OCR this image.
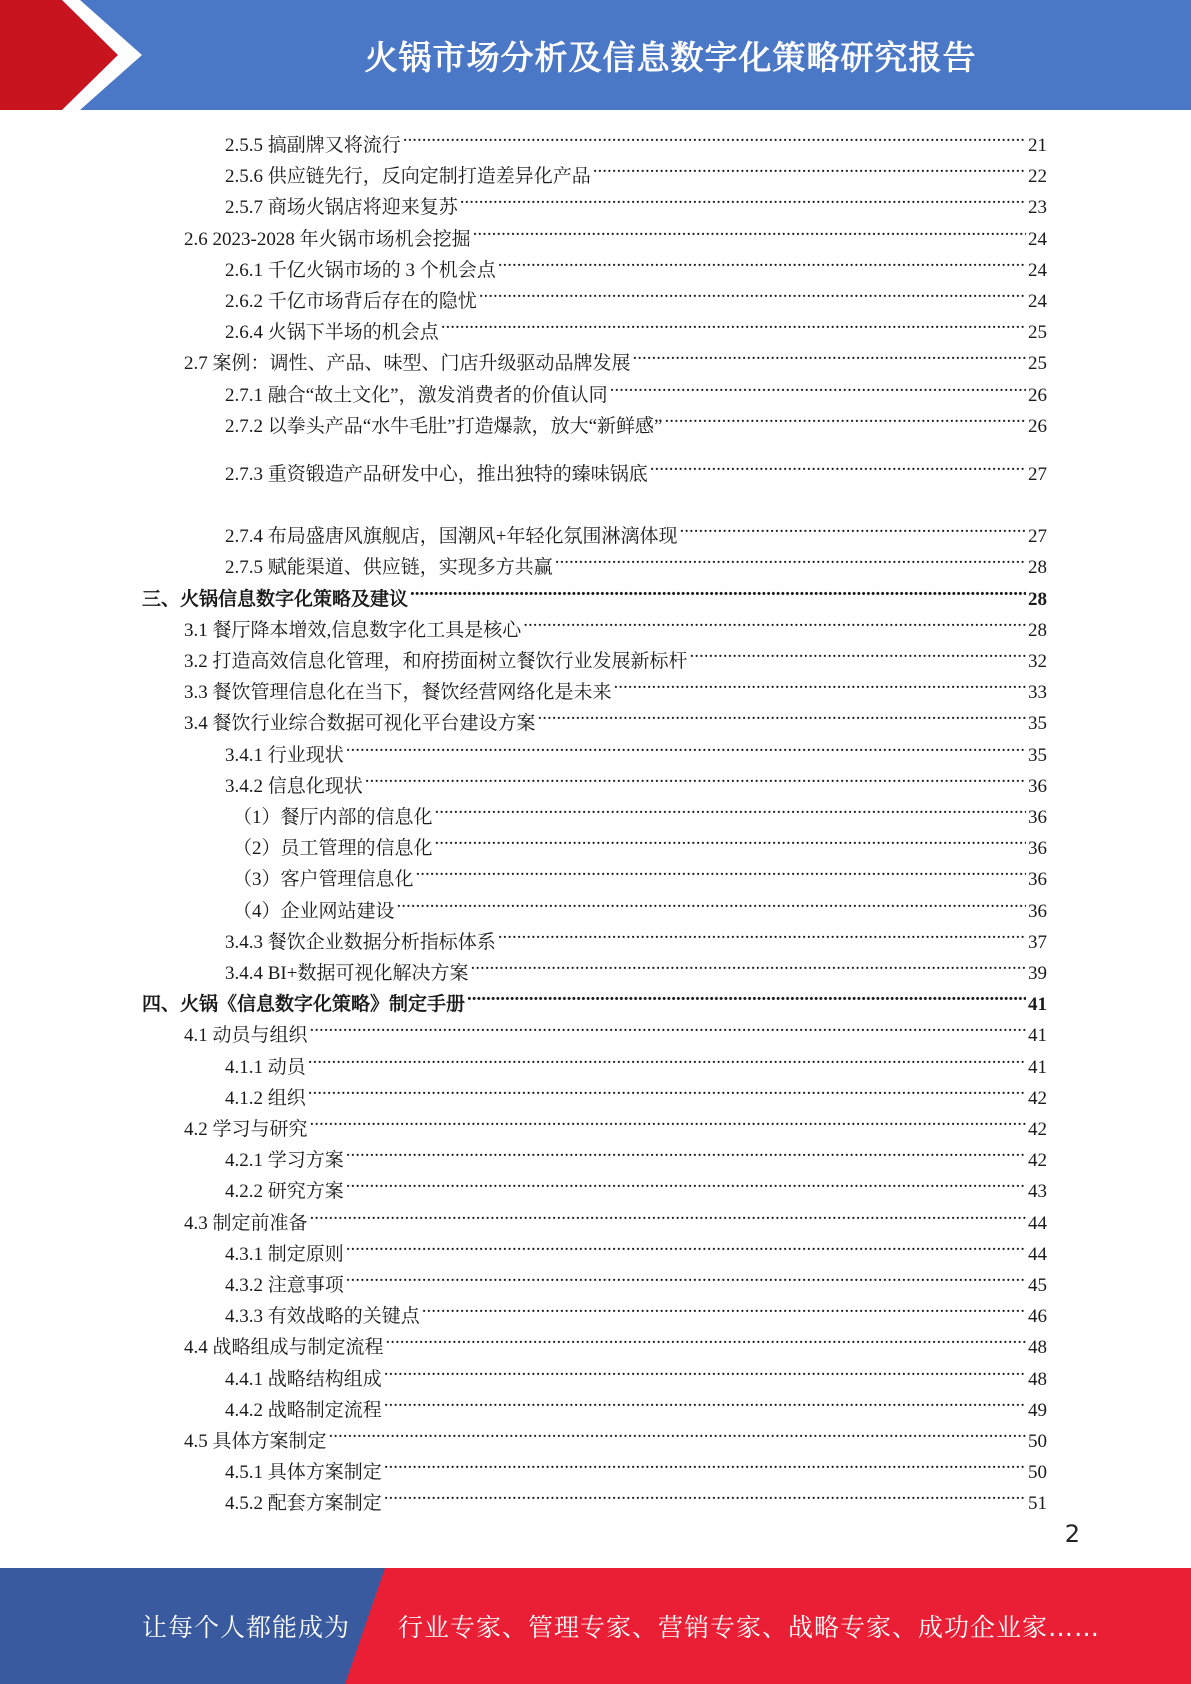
火锅市场分析及信息数字化策略研究报告
2.5.5 搞副牌又将流行 .....	21
2.5.6 供应链先行，反向定制打造差异化产品 .....	22
2.5.7 商场火锅店将迎来复苏 .....	23
2.6 2023-2028 年火锅市场机会挖掘 .....	24
2.6.1 千亿火锅市场的 3 个机会点 .....	24
2.6.2 千亿市场背后存在的隐忧 .....	24
2.6.4 火锅下半场的机会点 .....	25
2.7 案例：调性、产品、味型、门店升级驱动品牌发展 .....	25
2.7.1 融合“故土文化”，激发消费者的价值认同 .....	26
2.7.2 以拳头产品“水牛毛肚”打造爆款，放大“新鲜感” .....	26
2.7.3 重资锻造产品研发中心，推出独特的臻味锅底 .....	27
2.7.4 布局盛唐风旗舰店，国潮风+年轻化氛围淋漓体现 .....	27
2.7.5 赋能渠道、供应链，实现多方共赢 .....	28
三、火锅信息数字化策略及建议 .....	28
3.1 餐厅降本增效,信息数字化工具是核心 .....	28
3.2 打造高效信息化管理，和府捞面树立餐饮行业发展新标杆 .....	32
3.3 餐饮管理信息化在当下，餐饮经营网络化是未来 .....	33
3.4 餐饮行业综合数据可视化平台建设方案 .....	35
3.4.1 行业现状 .....	35
3.4.2 信息化现状 .....	36
（1）餐厅内部的信息化 .....	36
（2）员工管理的信息化 .....	36
（3）客户管理信息化 .....	36
（4）企业网站建设 .....	36
3.4.3 餐饮企业数据分析指标体系 .....	37
3.4.4 BI+数据可视化解决方案 .....	39
四、火锅《信息数字化策略》制定手册 .....	41
4.1 动员与组织 .....	41
4.1.1 动员 .....	41
4.1.2 组织 .....	42
4.2 学习与研究 .....	42
4.2.1 学习方案 .....	42
4.2.2 研究方案 .....	43
4.3 制定前准备 .....	44
4.3.1 制定原则 .....	44
4.3.2 注意事项 .....	45
4.3.3 有效战略的关键点 .....	46
4.4 战略组成与制定流程 .....	48
4.4.1 战略结构组成 .....	48
4.4.2 战略制定流程 .....	49
4.5 具体方案制定 .....	50
4.5.1 具体方案制定 .....	50
4.5.2 配套方案制定 .....	51
2
让每个人都能成为 行业专家、管理专家、营销专家、战略专家、成功企业家……
